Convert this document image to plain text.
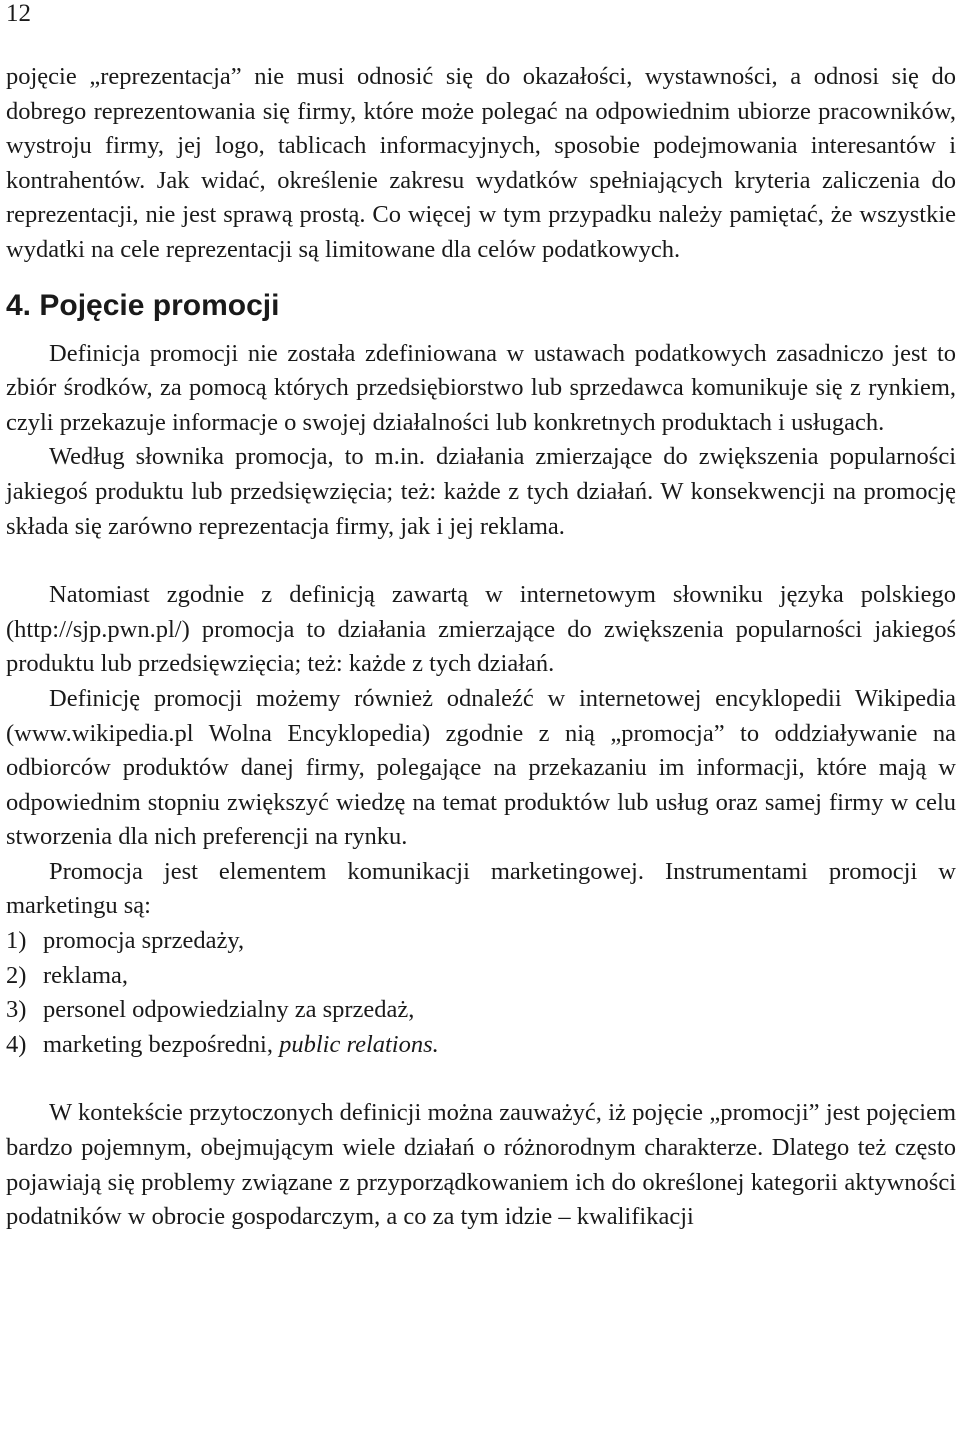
12

pojęcie „reprezentacja” nie musi odnosić się do okazałości, wystawności, a odnosi się do dobrego reprezentowania się firmy, które może polegać na odpowiednim ubiorze pracowników, wystroju firmy, jej logo, tablicach informacyjnych, sposobie podejmowania interesantów i kontrahentów. Jak widać, określenie zakresu wydatków spełniających kryteria zaliczenia do reprezentacji, nie jest sprawą prostą. Co więcej w tym przypadku należy pamiętać, że wszystkie wydatki na cele reprezentacji są limitowane dla celów podatkowych.

4. Pojęcie promocji

Definicja promocji nie została zdefiniowana w ustawach podatkowych zasadniczo jest to zbiór środków, za pomocą których przedsiębiorstwo lub sprzedawca komunikuje się z rynkiem, czyli przekazuje informacje o swojej działalności lub konkretnych produktach i usługach.

Według słownika promocja, to m.in. działania zmierzające do zwiększenia popularności jakiegoś produktu lub przedsięwzięcia; też: każde z tych działań. W konsekwencji na promocję składa się zarówno reprezentacja firmy, jak i jej reklama.

Natomiast zgodnie z definicją zawartą w internetowym słowniku języka polskiego (http://sjp.pwn.pl/) promocja to działania zmierzające do zwiększenia popularności jakiegoś produktu lub przedsięwzięcia; też: każde z tych działań.

Definicję promocji możemy również odnaleźć w internetowej encyklopedii Wikipedia (www.wikipedia.pl Wolna Encyklopedia) zgodnie z nią „promocja” to oddziaływanie na odbiorców produktów danej firmy, polegające na przekazaniu im informacji, które mają w odpowiednim stopniu zwiększyć wiedzę na temat produktów lub usług oraz samej firmy w celu stworzenia dla nich preferencji na rynku.

Promocja jest elementem komunikacji marketingowej. Instrumentami promocji w marketingu są:

1) promocja sprzedaży,
2) reklama,
3) personel odpowiedzialny za sprzedaż,
4) marketing bezpośredni, public relations.

W kontekście przytoczonych definicji można zauważyć, iż pojęcie „promocji” jest pojęciem bardzo pojemnym, obejmującym wiele działań o różnorodnym charakterze. Dlatego też często pojawiają się problemy związane z przyporządkowaniem ich do określonej kategorii aktywności podatników w obrocie gospodarczym, a co za tym idzie – kwalifikacji
